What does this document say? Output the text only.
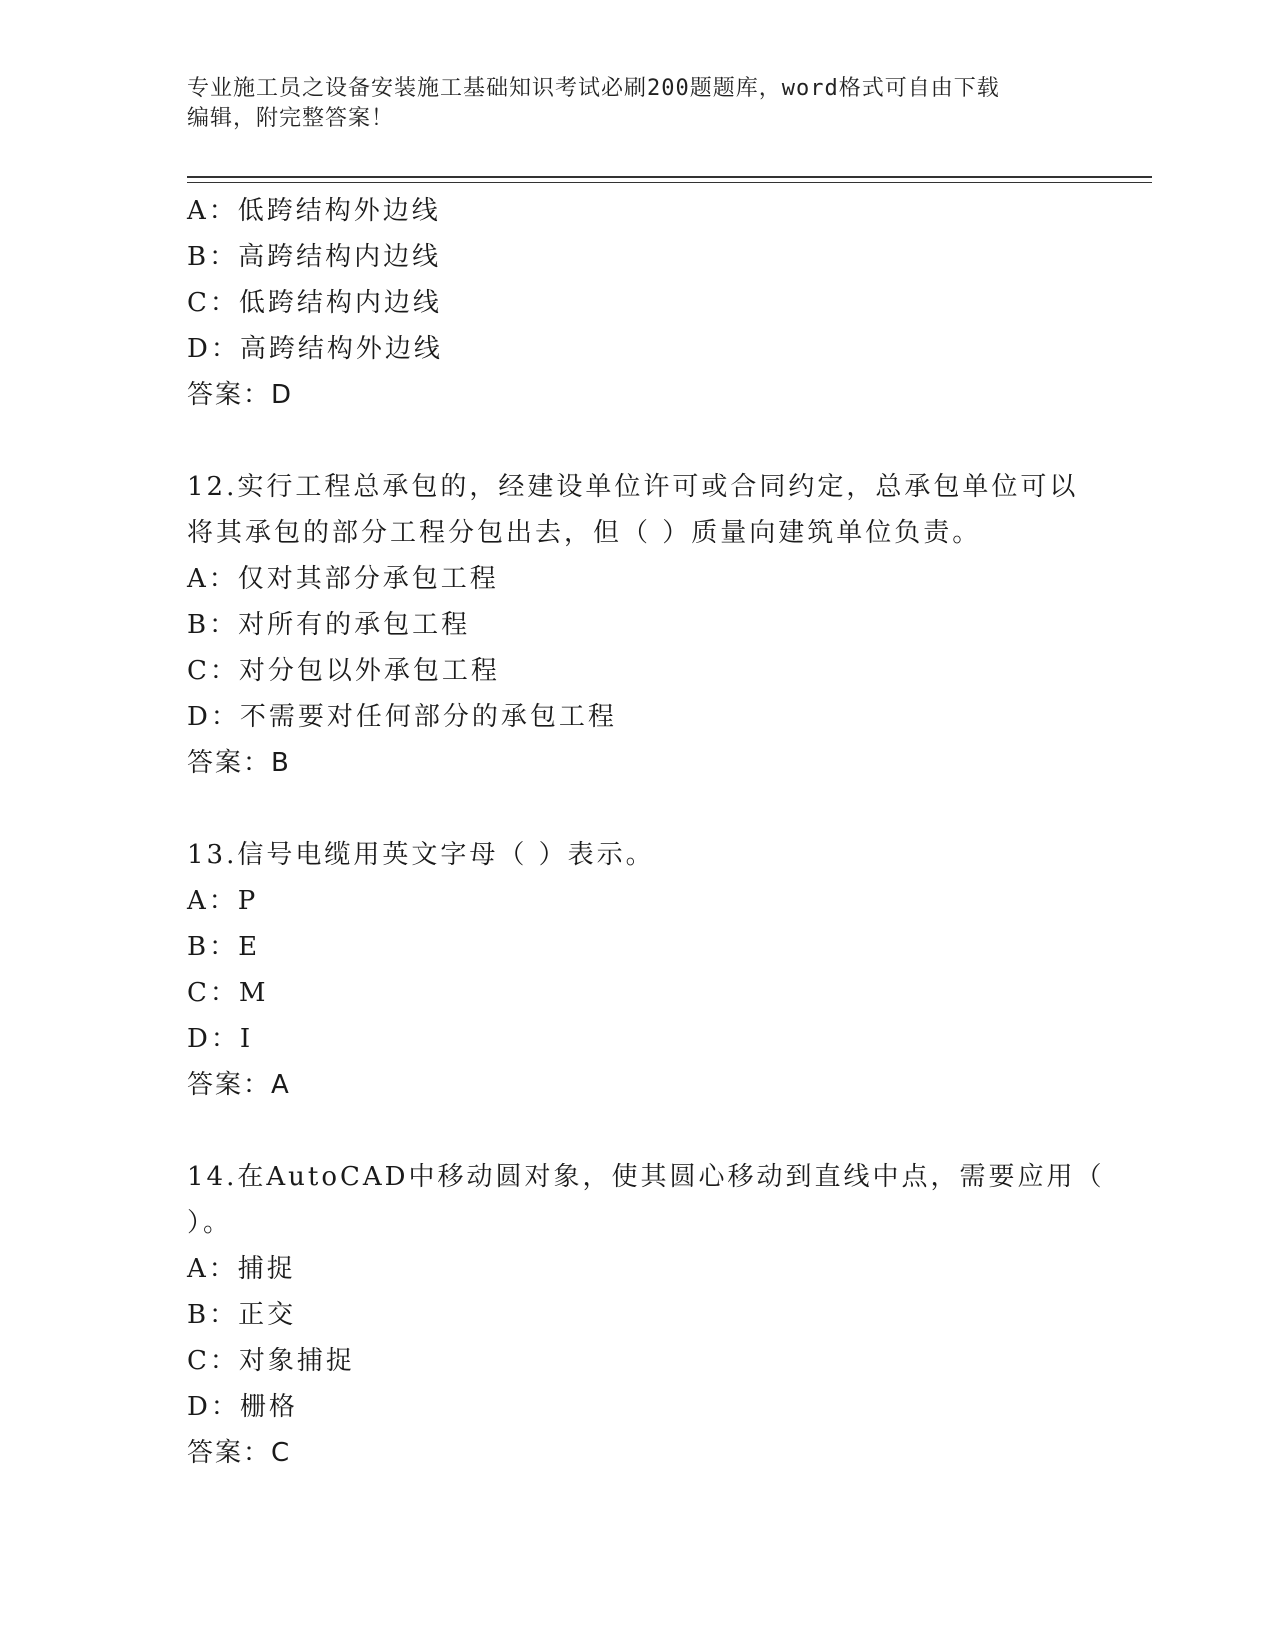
专业施工员之设备安装施工基础知识考试必刷200题题库，word格式可自由下载
编辑，附完整答案！
A：低跨结构外边线
B：高跨结构内边线
C：低跨结构内边线
D：高跨结构外边线
答案：D
12.实行工程总承包的，经建设单位许可或合同约定，总承包单位可以
将其承包的部分工程分包出去，但（ ）质量向建筑单位负责。
A：仅对其部分承包工程
B：对所有的承包工程
C：对分包以外承包工程
D：不需要对任何部分的承包工程
答案：B
13.信号电缆用英文字母（ ）表示。
A：P
B：E
C：M
D：I
答案：A
14.在AutoCAD中移动圆对象，使其圆心移动到直线中点，需要应用（
）。
A：捕捉
B：正交
C：对象捕捉
D：栅格
答案：C
